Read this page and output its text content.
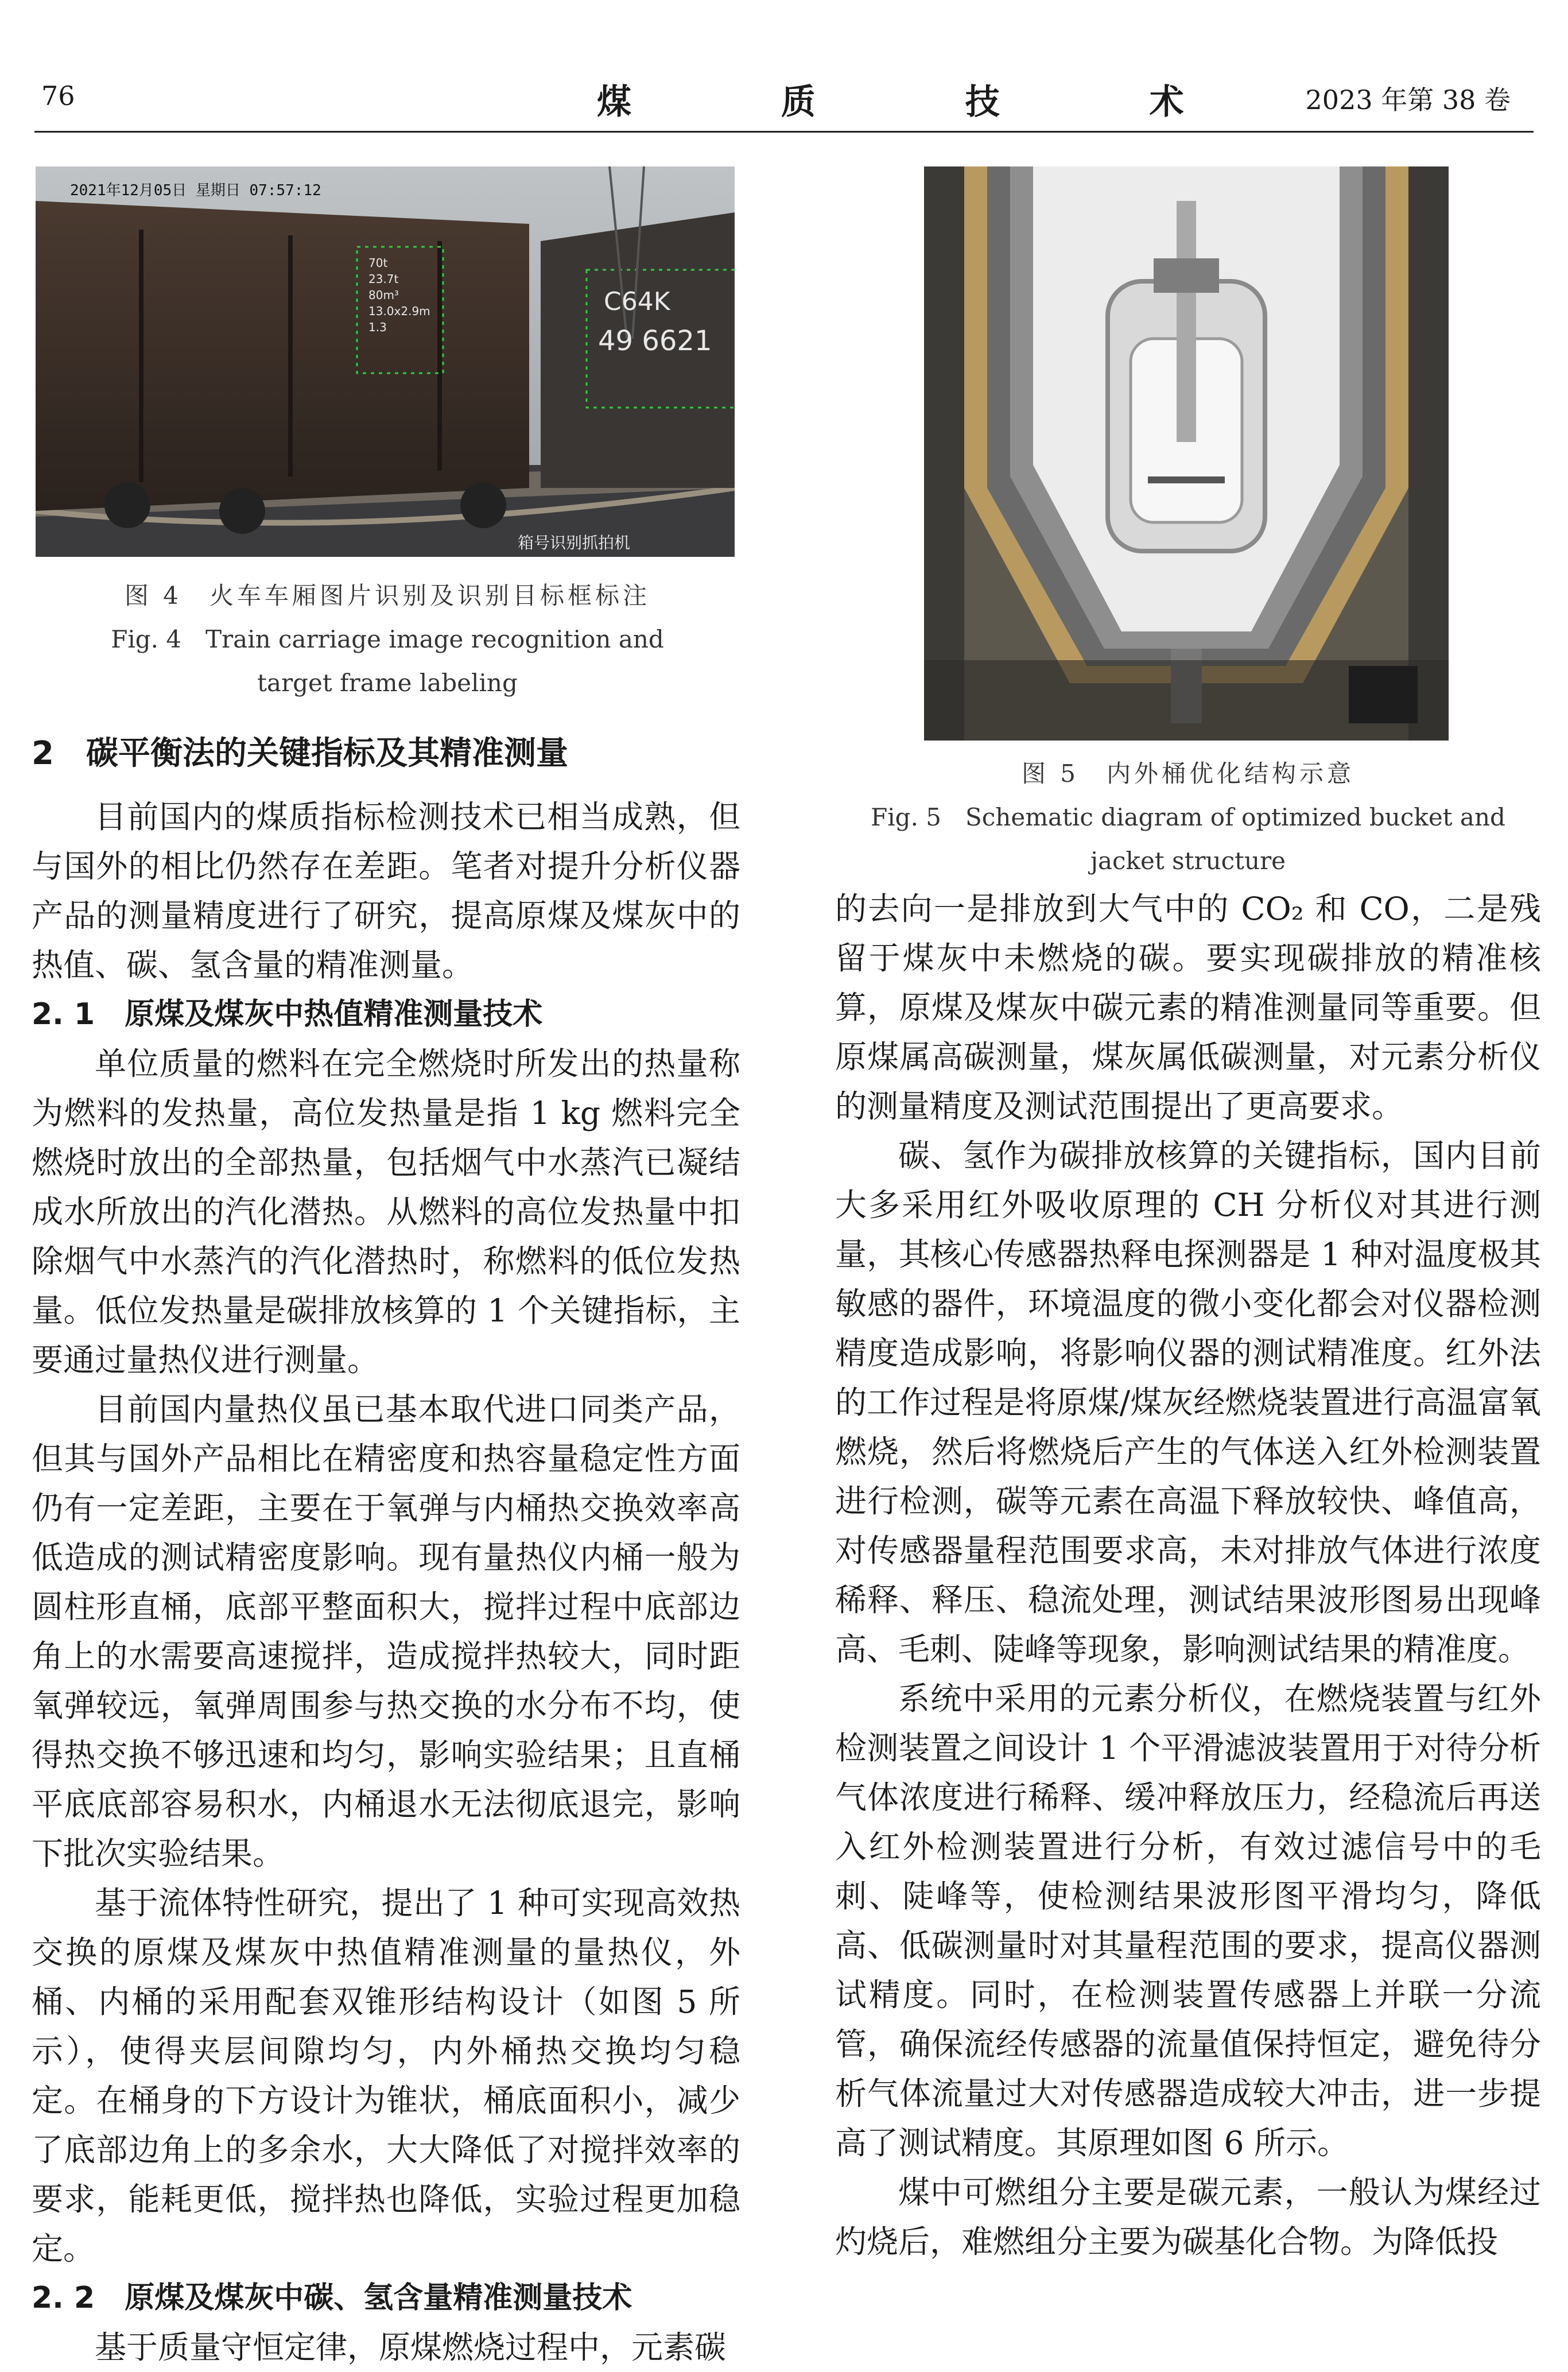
76	煤 质 技 术 2023 年第 38 卷
2021年12月05日 星期日 07:57:12
70t
23.7t
80m³
13.0x2.9m
1.3
C64K
49 6621
箱号识别抓拍机
图 4　火车车厢图片识别及识别目标框标注
Fig. 4　Train carriage image recognition and target frame labeling
图 5　内外桶优化结构示意
Fig. 5　Schematic diagram of optimized bucket and jacket structure

2　碳平衡法的关键指标及其精准测量

目前国内的煤质指标检测技术已相当成熟，但与国外的相比仍然存在差距。笔者对提升分析仪器产品的测量精度进行了研究，提高原煤及煤灰中的热值、碳、氢含量的精准测量。

2. 1　原煤及煤灰中热值精准测量技术

单位质量的燃料在完全燃烧时所发出的热量称为燃料的发热量，高位发热量是指 1 kg 燃料完全燃烧时放出的全部热量，包括烟气中水蒸汽已凝结成水所放出的汽化潜热。从燃料的高位发热量中扣除烟气中水蒸汽的汽化潜热时，称燃料的低位发热量。低位发热量是碳排放核算的 1 个关键指标，主要通过量热仪进行测量。

目前国内量热仪虽已基本取代进口同类产品，但其与国外产品相比在精密度和热容量稳定性方面仍有一定差距，主要在于氧弹与内桶热交换效率高低造成的测试精密度影响。现有量热仪内桶一般为圆柱形直桶，底部平整面积大，搅拌过程中底部边角上的水需要高速搅拌，造成搅拌热较大，同时距氧弹较远，氧弹周围参与热交换的水分布不均，使得热交换不够迅速和均匀，影响实验结果；且直桶平底底部容易积水，内桶退水无法彻底退完，影响下批次实验结果。

基于流体特性研究，提出了 1 种可实现高效热交换的原煤及煤灰中热值精准测量的量热仪，外桶、内桶的采用配套双锥形结构设计（如图 5 所示），使得夹层间隙均匀，内外桶热交换均匀稳定。在桶身的下方设计为锥状，桶底面积小，减少了底部边角上的多余水，大大降低了对搅拌效率的要求，能耗更低，搅拌热也降低，实验过程更加稳定。

2. 2　原煤及煤灰中碳、氢含量精准测量技术

基于质量守恒定律，原煤燃烧过程中，元素碳

的去向一是排放到大气中的 CO₂ 和 CO，二是残留于煤灰中未燃烧的碳。要实现碳排放的精准核算，原煤及煤灰中碳元素的精准测量同等重要。但原煤属高碳测量，煤灰属低碳测量，对元素分析仪的测量精度及测试范围提出了更高要求。

碳、氢作为碳排放核算的关键指标，国内目前大多采用红外吸收原理的 CH 分析仪对其进行测量，其核心传感器热释电探测器是 1 种对温度极其敏感的器件，环境温度的微小变化都会对仪器检测精度造成影响，将影响仪器的测试精准度。红外法的工作过程是将原煤/煤灰经燃烧装置进行高温富氧燃烧，然后将燃烧后产生的气体送入红外检测装置进行检测，碳等元素在高温下释放较快、峰值高，对传感器量程范围要求高，未对排放气体进行浓度稀释、释压、稳流处理，测试结果波形图易出现峰高、毛刺、陡峰等现象，影响测试结果的精准度。

系统中采用的元素分析仪，在燃烧装置与红外检测装置之间设计 1 个平滑滤波装置用于对待分析气体浓度进行稀释、缓冲释放压力，经稳流后再送入红外检测装置进行分析，有效过滤信号中的毛刺、陡峰等，使检测结果波形图平滑均匀，降低高、低碳测量时对其量程范围的要求，提高仪器测试精度。同时，在检测装置传感器上并联一分流管，确保流经传感器的流量值保持恒定，避免待分析气体流量过大对传感器造成较大冲击，进一步提高了测试精度。其原理如图 6 所示。

煤中可燃组分主要是碳元素，一般认为煤经过灼烧后，难燃组分主要为碳基化合物。为降低投
